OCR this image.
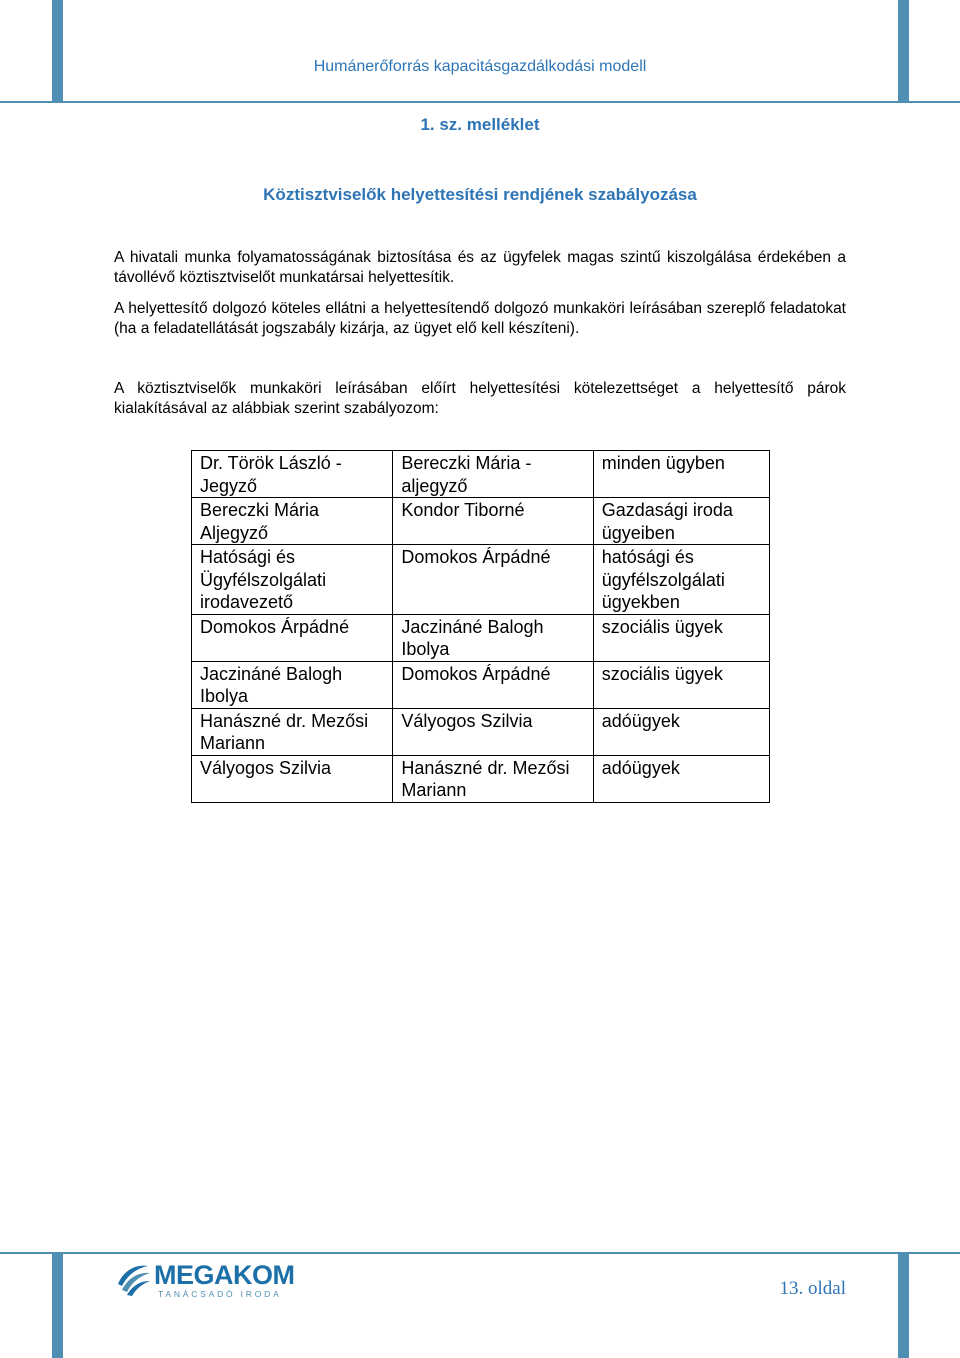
Humánerőforrás kapacitásgazdálkodási modell
1. sz. melléklet
Köztisztviselők helyettesítési rendjének szabályozása
A hivatali munka folyamatosságának biztosítása és az ügyfelek magas szintű kiszolgálása érdekében a távollévő köztisztviselőt munkatársai helyettesítik.
A helyettesítő dolgozó köteles ellátni a helyettesítendő dolgozó munkaköri leírásában szereplő feladatokat (ha a feladatellátását jogszabály kizárja, az ügyet elő kell készíteni).
A köztisztviselők munkaköri leírásában előírt helyettesítési kötelezettséget a helyettesítő párok kialakításával az alábbiak szerint szabályozom:
Dr. Török László - Jegyző	Bereczki Mária - aljegyző	minden ügyben
Bereczki Mária Aljegyző	Kondor Tiborné	Gazdasági iroda ügyeiben
Hatósági és Ügyfélszolgálati irodavezető	Domokos Árpádné	hatósági és ügyfélszolgálati ügyekben
Domokos Árpádné	Jaczináné Balogh Ibolya	szociális ügyek
Jaczináné Balogh Ibolya	Domokos Árpádné	szociális ügyek
Hanászné dr. Mezősi Mariann	Vályogos Szilvia	adóügyek
Vályogos Szilvia	Hanászné dr. Mezősi Mariann	adóügyek
MEGAKOM
TANÁCSADÓ IRODA	13. oldal
